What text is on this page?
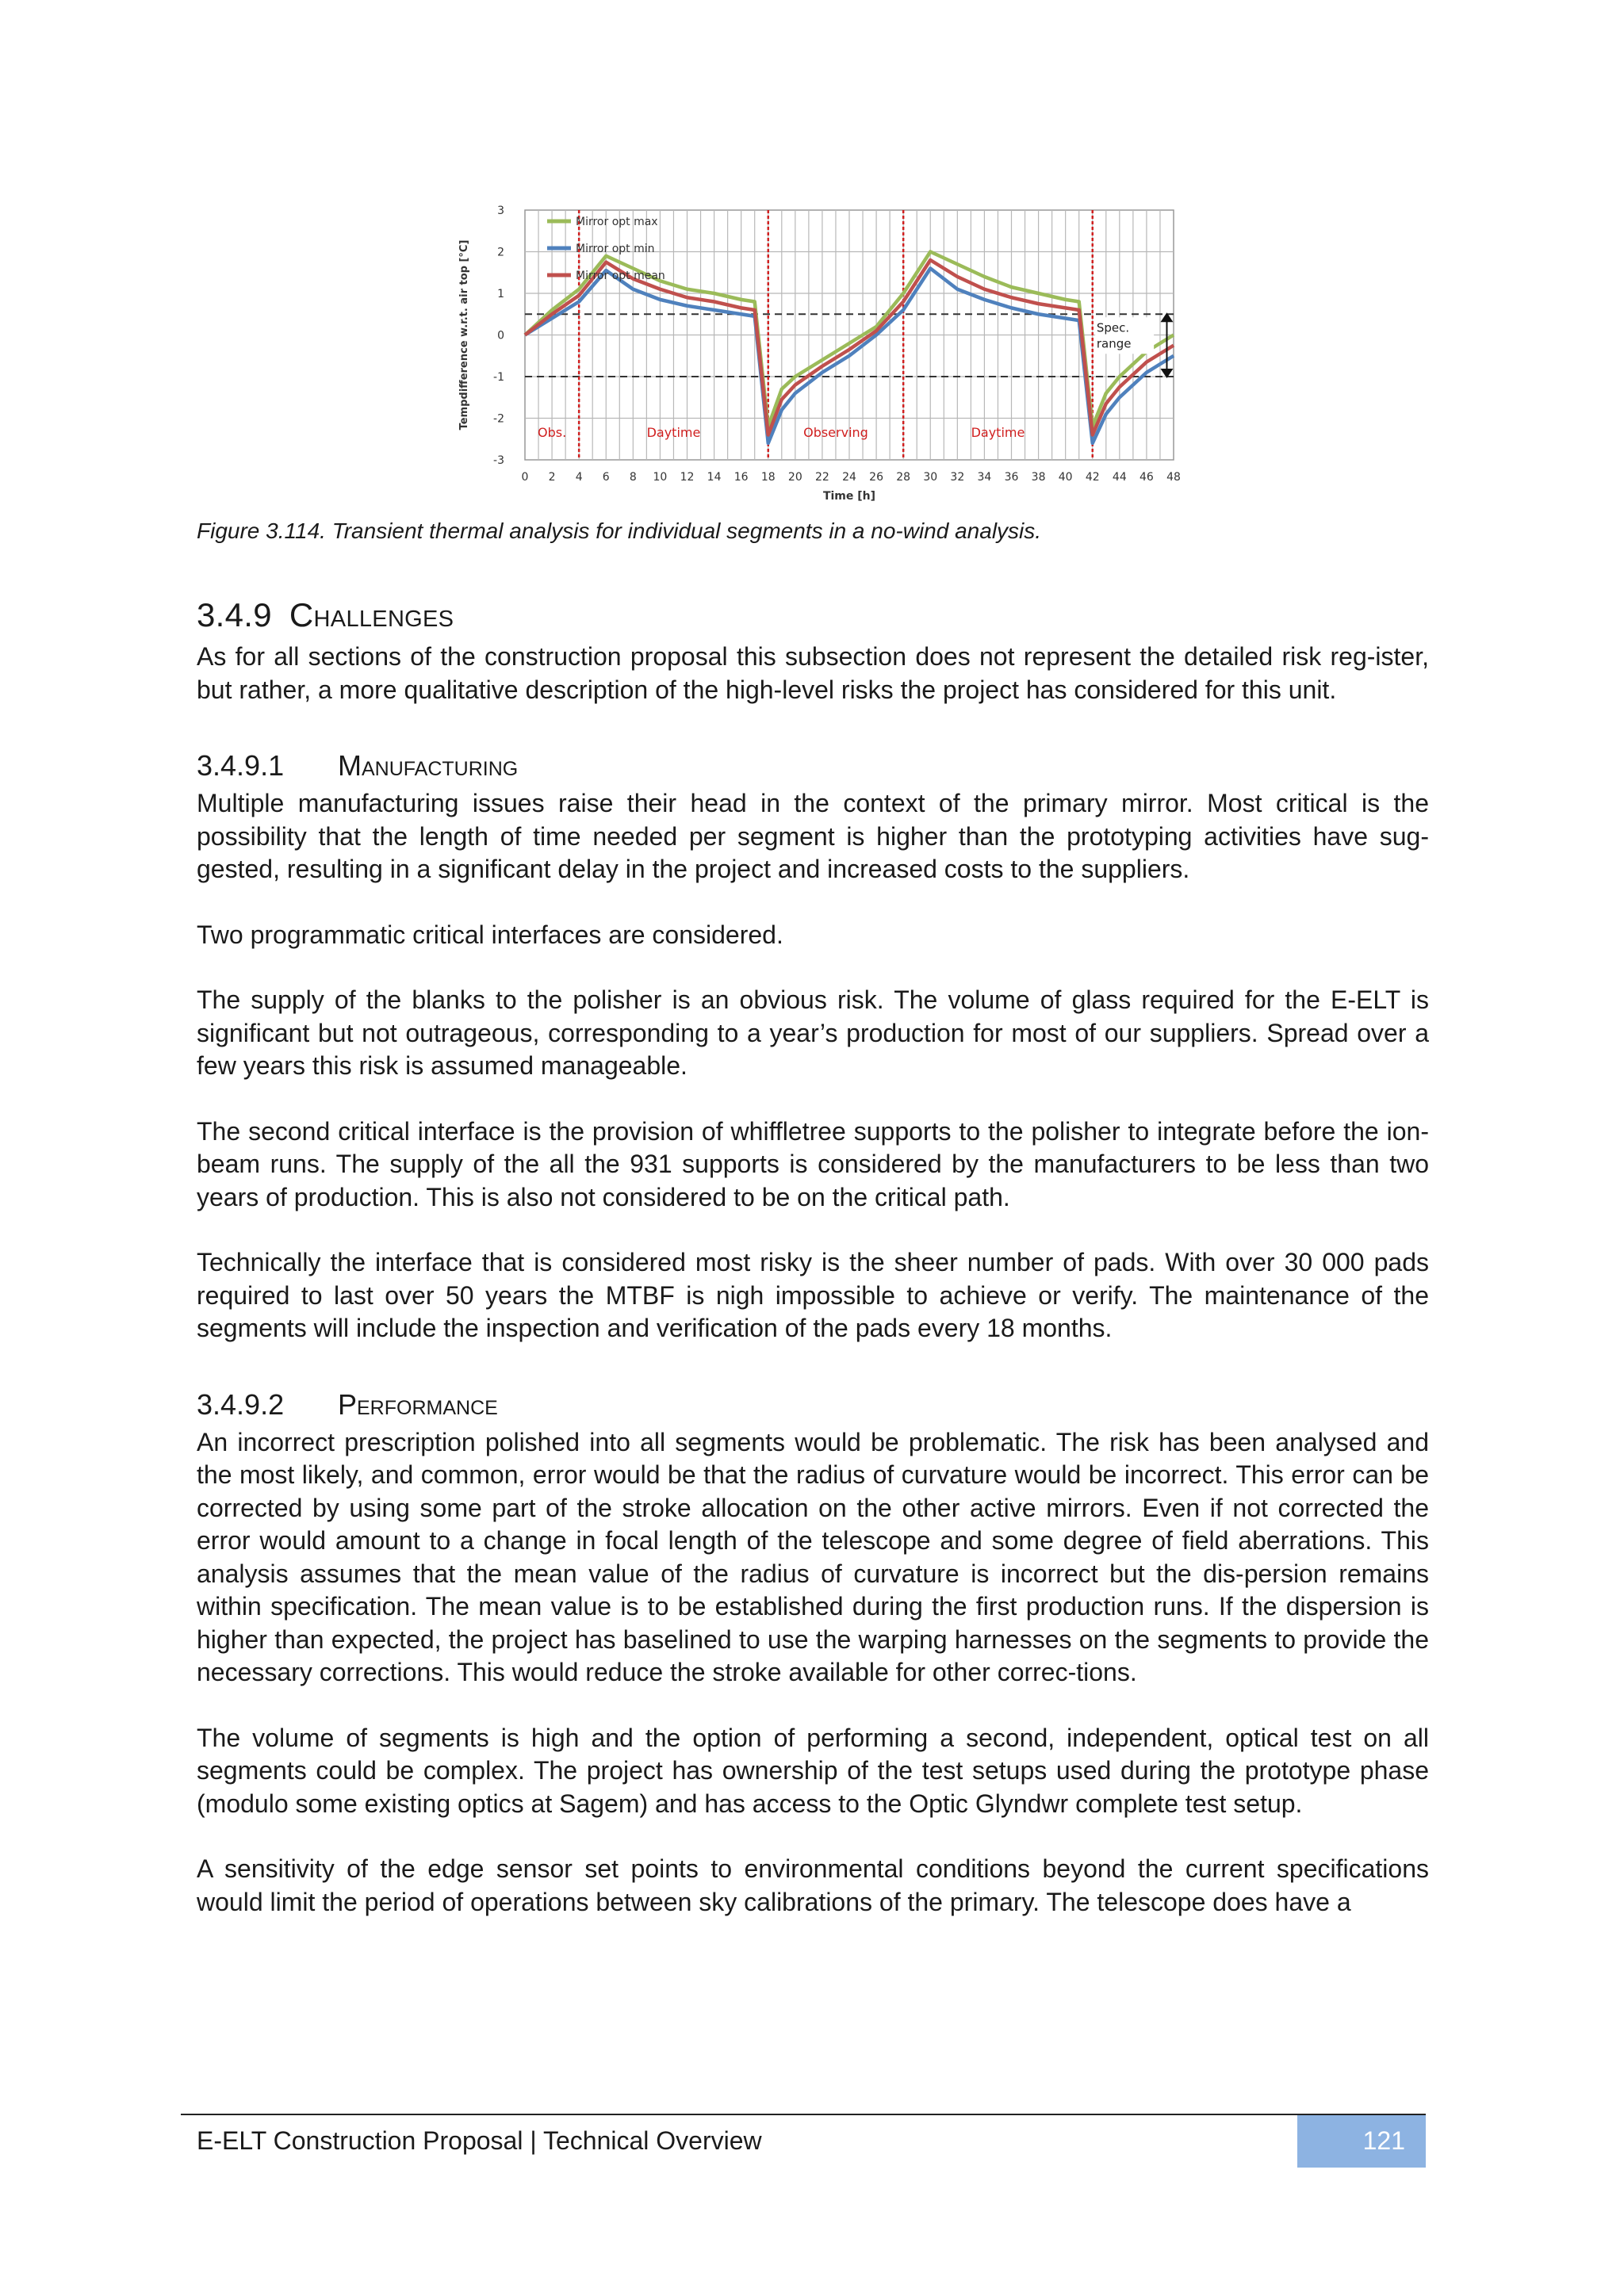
Mirror opt max
Mirror opt min
Mirror opt mean
Obs.	Daytime	Observing	Daytime
Spec.
range
-3
-2
-1
0
1
2
3
0 2 4 6 8 10 12 14 16 18 20 22 24 26 28 30 32 34 36 38 40 42 44 46 48
Time [h]
Tempdifference w.r.t. air top [°C]
Figure 3.114. Transient thermal analysis for individual segments in a no-wind analysis.
3.4.9 Challenges

As for all sections of the construction proposal this subsection does not represent the detailed risk reg-ister, but rather, a more qualitative description of the high-level risks the project has considered for this unit.

3.4.9.1 Manufacturing

Multiple manufacturing issues raise their head in the context of the primary mirror. Most critical is the possibility that the length of time needed per segment is higher than the prototyping activities have sug-gested, resulting in a significant delay in the project and increased costs to the suppliers.

Two programmatic critical interfaces are considered.

The supply of the blanks to the polisher is an obvious risk. The volume of glass required for the E-ELT is significant but not outrageous, corresponding to a year’s production for most of our suppliers. Spread over a few years this risk is assumed manageable.

The second critical interface is the provision of whiffletree supports to the polisher to integrate before the ion-beam runs. The supply of the all the 931 supports is considered by the manufacturers to be less than two years of production. This is also not considered to be on the critical path.

Technically the interface that is considered most risky is the sheer number of pads. With over 30 000 pads required to last over 50 years the MTBF is nigh impossible to achieve or verify. The maintenance of the segments will include the inspection and verification of the pads every 18 months.

3.4.9.2 Performance

An incorrect prescription polished into all segments would be problematic. The risk has been analysed and the most likely, and common, error would be that the radius of curvature would be incorrect. This error can be corrected by using some part of the stroke allocation on the other active mirrors. Even if not corrected the error would amount to a change in focal length of the telescope and some degree of field aberrations. This analysis assumes that the mean value of the radius of curvature is incorrect but the dis-persion remains within specification. The mean value is to be established during the first production runs. If the dispersion is higher than expected, the project has baselined to use the warping harnesses on the segments to provide the necessary corrections. This would reduce the stroke available for other correc-tions.

The volume of segments is high and the option of performing a second, independent, optical test on all segments could be complex. The project has ownership of the test setups used during the prototype phase (modulo some existing optics at Sagem) and has access to the Optic Glyndwr complete test setup.

A sensitivity of the edge sensor set points to environmental conditions beyond the current specifications would limit the period of operations between sky calibrations of the primary. The telescope does have a

E-ELT Construction Proposal | Technical Overview	121
